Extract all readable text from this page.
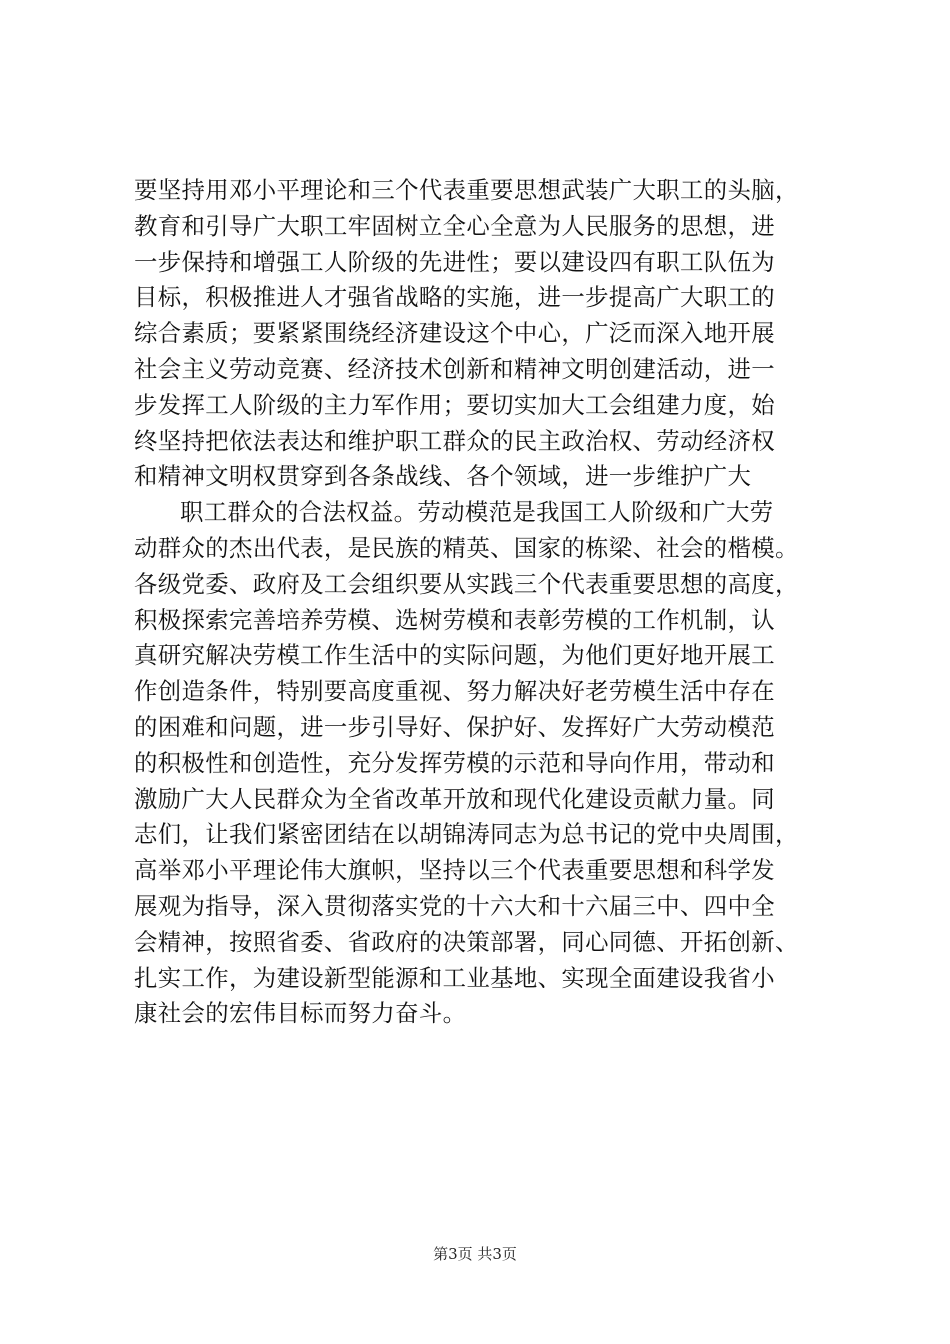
要坚持用邓小平理论和三个代表重要思想武装广大职工的头脑，
教育和引导广大职工牢固树立全心全意为人民服务的思想，进
一步保持和增强工人阶级的先进性；要以建设四有职工队伍为
目标，积极推进人才强省战略的实施，进一步提高广大职工的
综合素质；要紧紧围绕经济建设这个中心，广泛而深入地开展
社会主义劳动竞赛、经济技术创新和精神文明创建活动，进一
步发挥工人阶级的主力军作用；要切实加大工会组建力度，始
终坚持把依法表达和维护职工群众的民主政治权、劳动经济权
和精神文明权贯穿到各条战线、各个领域，进一步维护广大
职工群众的合法权益。劳动模范是我国工人阶级和广大劳
动群众的杰出代表，是民族的精英、国家的栋梁、社会的楷模。
各级党委、政府及工会组织要从实践三个代表重要思想的高度，
积极探索完善培养劳模、选树劳模和表彰劳模的工作机制，认
真研究解决劳模工作生活中的实际问题，为他们更好地开展工
作创造条件，特别要高度重视、努力解决好老劳模生活中存在
的困难和问题，进一步引导好、保护好、发挥好广大劳动模范
的积极性和创造性，充分发挥劳模的示范和导向作用，带动和
激励广大人民群众为全省改革开放和现代化建设贡献力量。同
志们，让我们紧密团结在以胡锦涛同志为总书记的党中央周围，
高举邓小平理论伟大旗帜，坚持以三个代表重要思想和科学发
展观为指导，深入贯彻落实党的十六大和十六届三中、四中全
会精神，按照省委、省政府的决策部署，同心同德、开拓创新、
扎实工作，为建设新型能源和工业基地、实现全面建设我省小
康社会的宏伟目标而努力奋斗。
第3页 共3页
